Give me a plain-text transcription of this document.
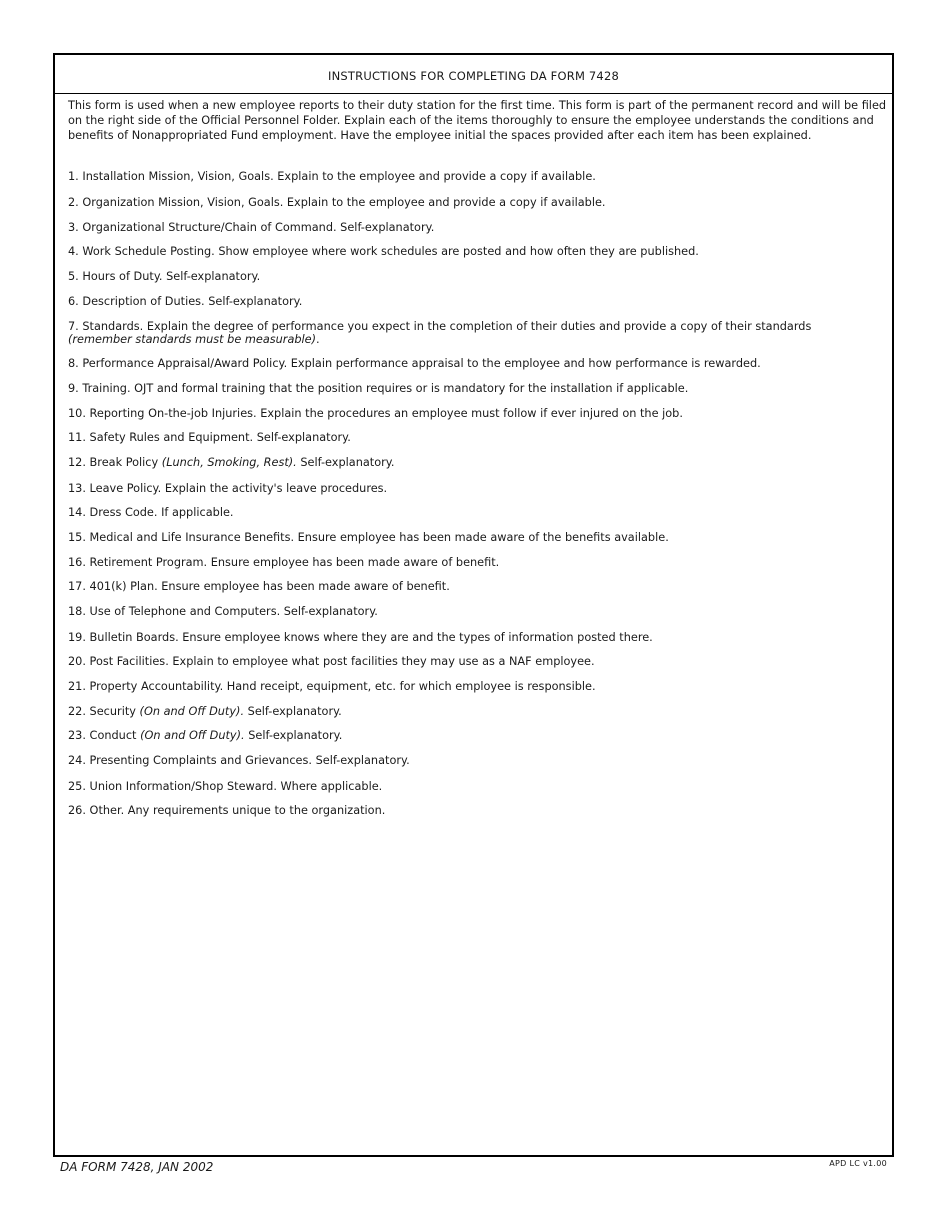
INSTRUCTIONS FOR COMPLETING DA FORM 7428
This form is used when a new employee reports to their duty station for the first time. This form is part of the permanent record and will be filed on the right side of the Official Personnel Folder. Explain each of the items thoroughly to ensure the employee understands the conditions and benefits of Nonappropriated Fund employment. Have the employee initial the spaces provided after each item has been explained.
1. Installation Mission, Vision, Goals. Explain to the employee and provide a copy if available.
2. Organization Mission, Vision, Goals. Explain to the employee and provide a copy if available.
3. Organizational Structure/Chain of Command. Self-explanatory.
4. Work Schedule Posting. Show employee where work schedules are posted and how often they are published.
5. Hours of Duty. Self-explanatory.
6. Description of Duties. Self-explanatory.
7. Standards. Explain the degree of performance you expect in the completion of their duties and provide a copy of their standards
(remember standards must be measurable).
8. Performance Appraisal/Award Policy. Explain performance appraisal to the employee and how performance is rewarded.
9. Training. OJT and formal training that the position requires or is mandatory for the installation if applicable.
10. Reporting On-the-job Injuries. Explain the procedures an employee must follow if ever injured on the job.
11. Safety Rules and Equipment. Self-explanatory.
12. Break Policy (Lunch, Smoking, Rest). Self-explanatory.
13. Leave Policy. Explain the activity's leave procedures.
14. Dress Code. If applicable.
15. Medical and Life Insurance Benefits. Ensure employee has been made aware of the benefits available.
16. Retirement Program. Ensure employee has been made aware of benefit.
17. 401(k) Plan. Ensure employee has been made aware of benefit.
18. Use of Telephone and Computers. Self-explanatory.
19. Bulletin Boards. Ensure employee knows where they are and the types of information posted there.
20. Post Facilities. Explain to employee what post facilities they may use as a NAF employee.
21. Property Accountability. Hand receipt, equipment, etc. for which employee is responsible.
22. Security (On and Off Duty). Self-explanatory.
23. Conduct (On and Off Duty). Self-explanatory.
24. Presenting Complaints and Grievances. Self-explanatory.
25. Union Information/Shop Steward. Where applicable.
26. Other. Any requirements unique to the organization.
DA FORM 7428, JAN 2002	APD LC v1.00
